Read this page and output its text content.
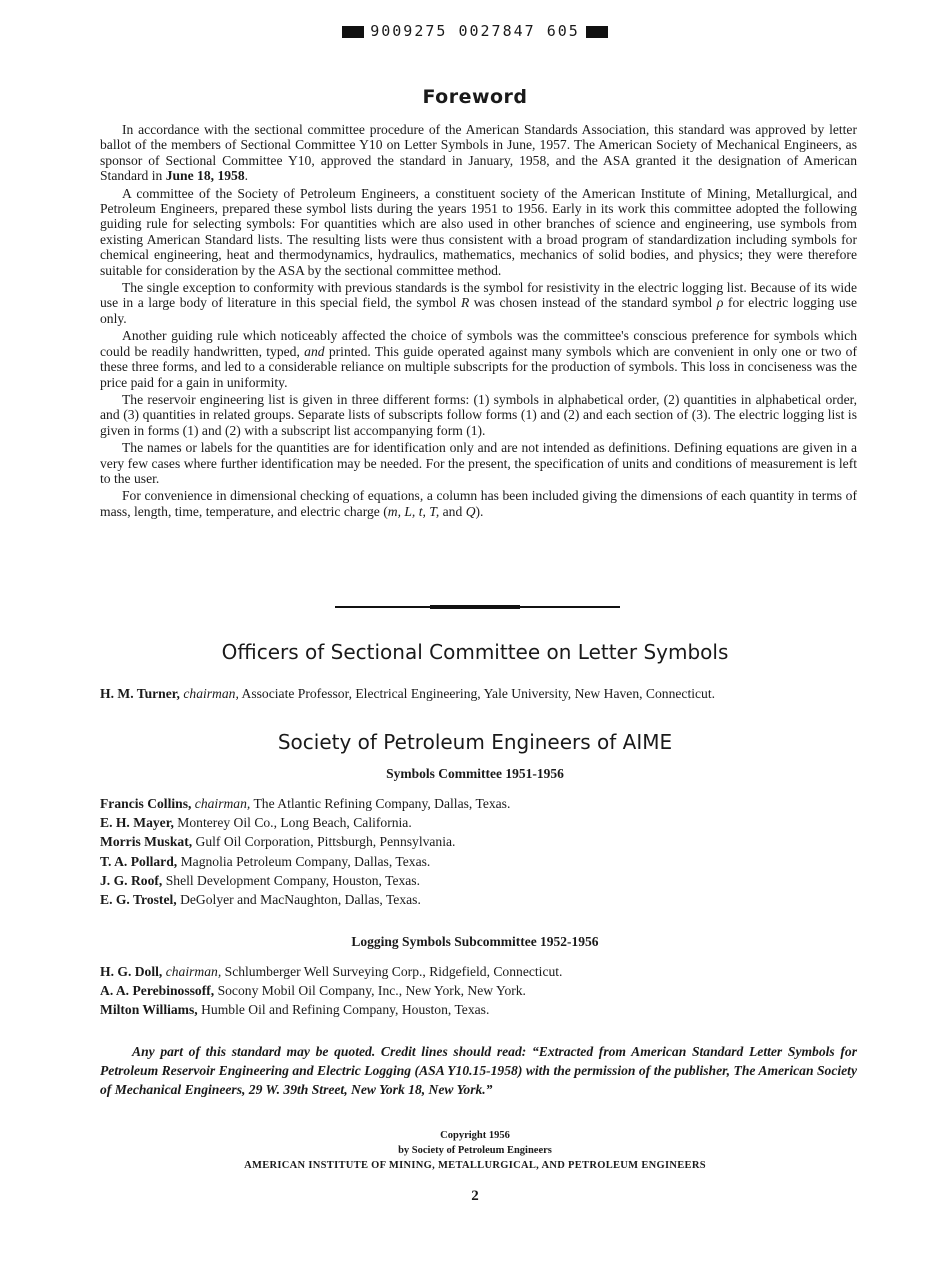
9009275 0027847 605
Foreword

In accordance with the sectional committee procedure of the American Standards Association, this standard was approved by letter ballot of the members of Sectional Committee Y10 on Letter Symbols in June, 1957. The American Society of Mechanical Engineers, as sponsor of Sectional Committee Y10, approved the standard in January, 1958, and the ASA granted it the designation of American Standard in June 18, 1958.

A committee of the Society of Petroleum Engineers, a constituent society of the American Institute of Mining, Metallurgical, and Petroleum Engineers, prepared these symbol lists during the years 1951 to 1956. Early in its work this committee adopted the following guiding rule for selecting symbols: For quantities which are also used in other branches of science and engineering, use symbols from existing American Standard lists. The resulting lists were thus consistent with a broad program of standardization including symbols for chemical engineering, heat and thermodynamics, hydraulics, mathematics, mechanics of solid bodies, and physics; they were therefore suitable for consideration by the ASA by the sectional committee method.

The single exception to conformity with previous standards is the symbol for resistivity in the electric logging list. Because of its wide use in a large body of literature in this special field, the symbol R was chosen instead of the standard symbol ρ for electric logging use only.

Another guiding rule which noticeably affected the choice of symbols was the committee's conscious preference for symbols which could be readily handwritten, typed, and printed. This guide operated against many symbols which are convenient in only one or two of these three forms, and led to a considerable reliance on multiple subscripts for the production of symbols. This loss in conciseness was the price paid for a gain in uniformity.

The reservoir engineering list is given in three different forms: (1) symbols in alphabetical order, (2) quantities in alphabetical order, and (3) quantities in related groups. Separate lists of subscripts follow forms (1) and (2) and each section of (3). The electric logging list is given in forms (1) and (2) with a subscript list accompanying form (1).

The names or labels for the quantities are for identification only and are not intended as definitions. Defining equations are given in a very few cases where further identification may be needed. For the present, the specification of units and conditions of measurement is left to the user.

For convenience in dimensional checking of equations, a column has been included giving the dimensions of each quantity in terms of mass, length, time, temperature, and electric charge (m, L, t, T, and Q).

Officers of Sectional Committee on Letter Symbols
H. M. Turner, chairman, Associate Professor, Electrical Engineering, Yale University, New Haven, Connecticut.
Society of Petroleum Engineers of AIME
Symbols Committee 1951-1956
Francis Collins, chairman, The Atlantic Refining Company, Dallas, Texas.
E. H. Mayer, Monterey Oil Co., Long Beach, California.
Morris Muskat, Gulf Oil Corporation, Pittsburgh, Pennsylvania.
T. A. Pollard, Magnolia Petroleum Company, Dallas, Texas.
J. G. Roof, Shell Development Company, Houston, Texas.
E. G. Trostel, DeGolyer and MacNaughton, Dallas, Texas.
Logging Symbols Subcommittee 1952-1956
H. G. Doll, chairman, Schlumberger Well Surveying Corp., Ridgefield, Connecticut.
A. A. Perebinossoff, Socony Mobil Oil Company, Inc., New York, New York.
Milton Williams, Humble Oil and Refining Company, Houston, Texas.
Any part of this standard may be quoted. Credit lines should read: “Extracted from American Standard Letter Symbols for Petroleum Reservoir Engineering and Electric Logging (ASA Y10.15-1958) with the permission of the publisher, The American Society of Mechanical Engineers, 29 W. 39th Street, New York 18, New York.”
Copyright 1956
by Society of Petroleum Engineers
AMERICAN INSTITUTE OF MINING, METALLURGICAL, AND PETROLEUM ENGINEERS
2
